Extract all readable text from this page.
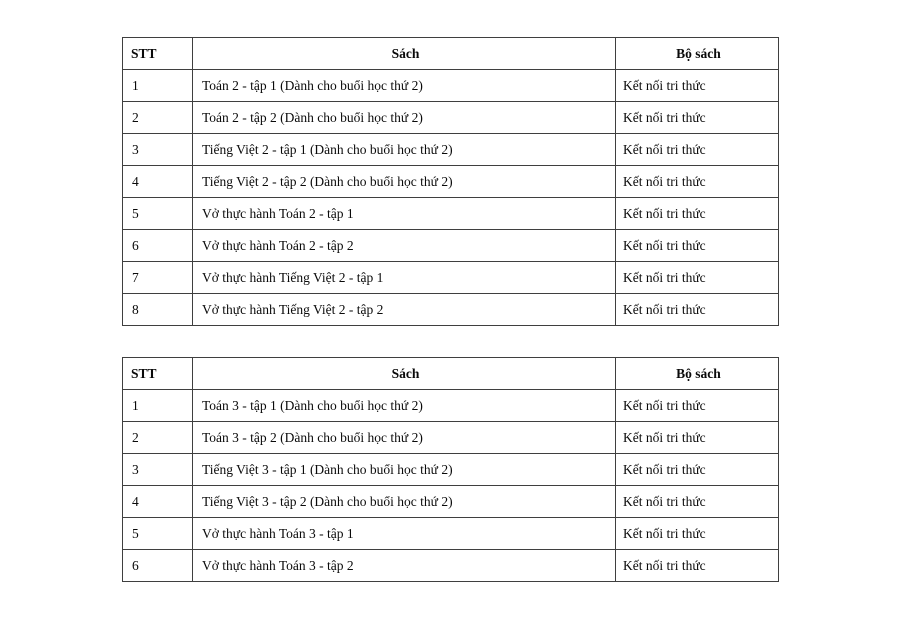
STT	Sách	Bộ sách
1	Toán 2 - tập 1 (Dành cho buổi học thứ 2)	Kết nối tri thức
2	Toán 2 - tập 2 (Dành cho buổi học thứ 2)	Kết nối tri thức
3	Tiếng Việt 2 - tập 1 (Dành cho buổi học thứ 2)	Kết nối tri thức
4	Tiếng Việt 2 - tập 2 (Dành cho buổi học thứ 2)	Kết nối tri thức
5	Vở thực hành Toán 2 - tập 1	Kết nối tri thức
6	Vở thực hành Toán 2 - tập 2	Kết nối tri thức
7	Vở thực hành Tiếng Việt 2 - tập 1	Kết nối tri thức
8	Vở thực hành Tiếng Việt 2 - tập 2	Kết nối tri thức
STT	Sách	Bộ sách
1	Toán 3 - tập 1 (Dành cho buổi học thứ 2)	Kết nối tri thức
2	Toán 3 - tập 2 (Dành cho buổi học thứ 2)	Kết nối tri thức
3	Tiếng Việt 3 - tập 1 (Dành cho buổi học thứ 2)	Kết nối tri thức
4	Tiếng Việt 3 - tập 2 (Dành cho buổi học thứ 2)	Kết nối tri thức
5	Vở thực hành Toán 3 - tập 1	Kết nối tri thức
6	Vở thực hành Toán 3 - tập 2	Kết nối tri thức
